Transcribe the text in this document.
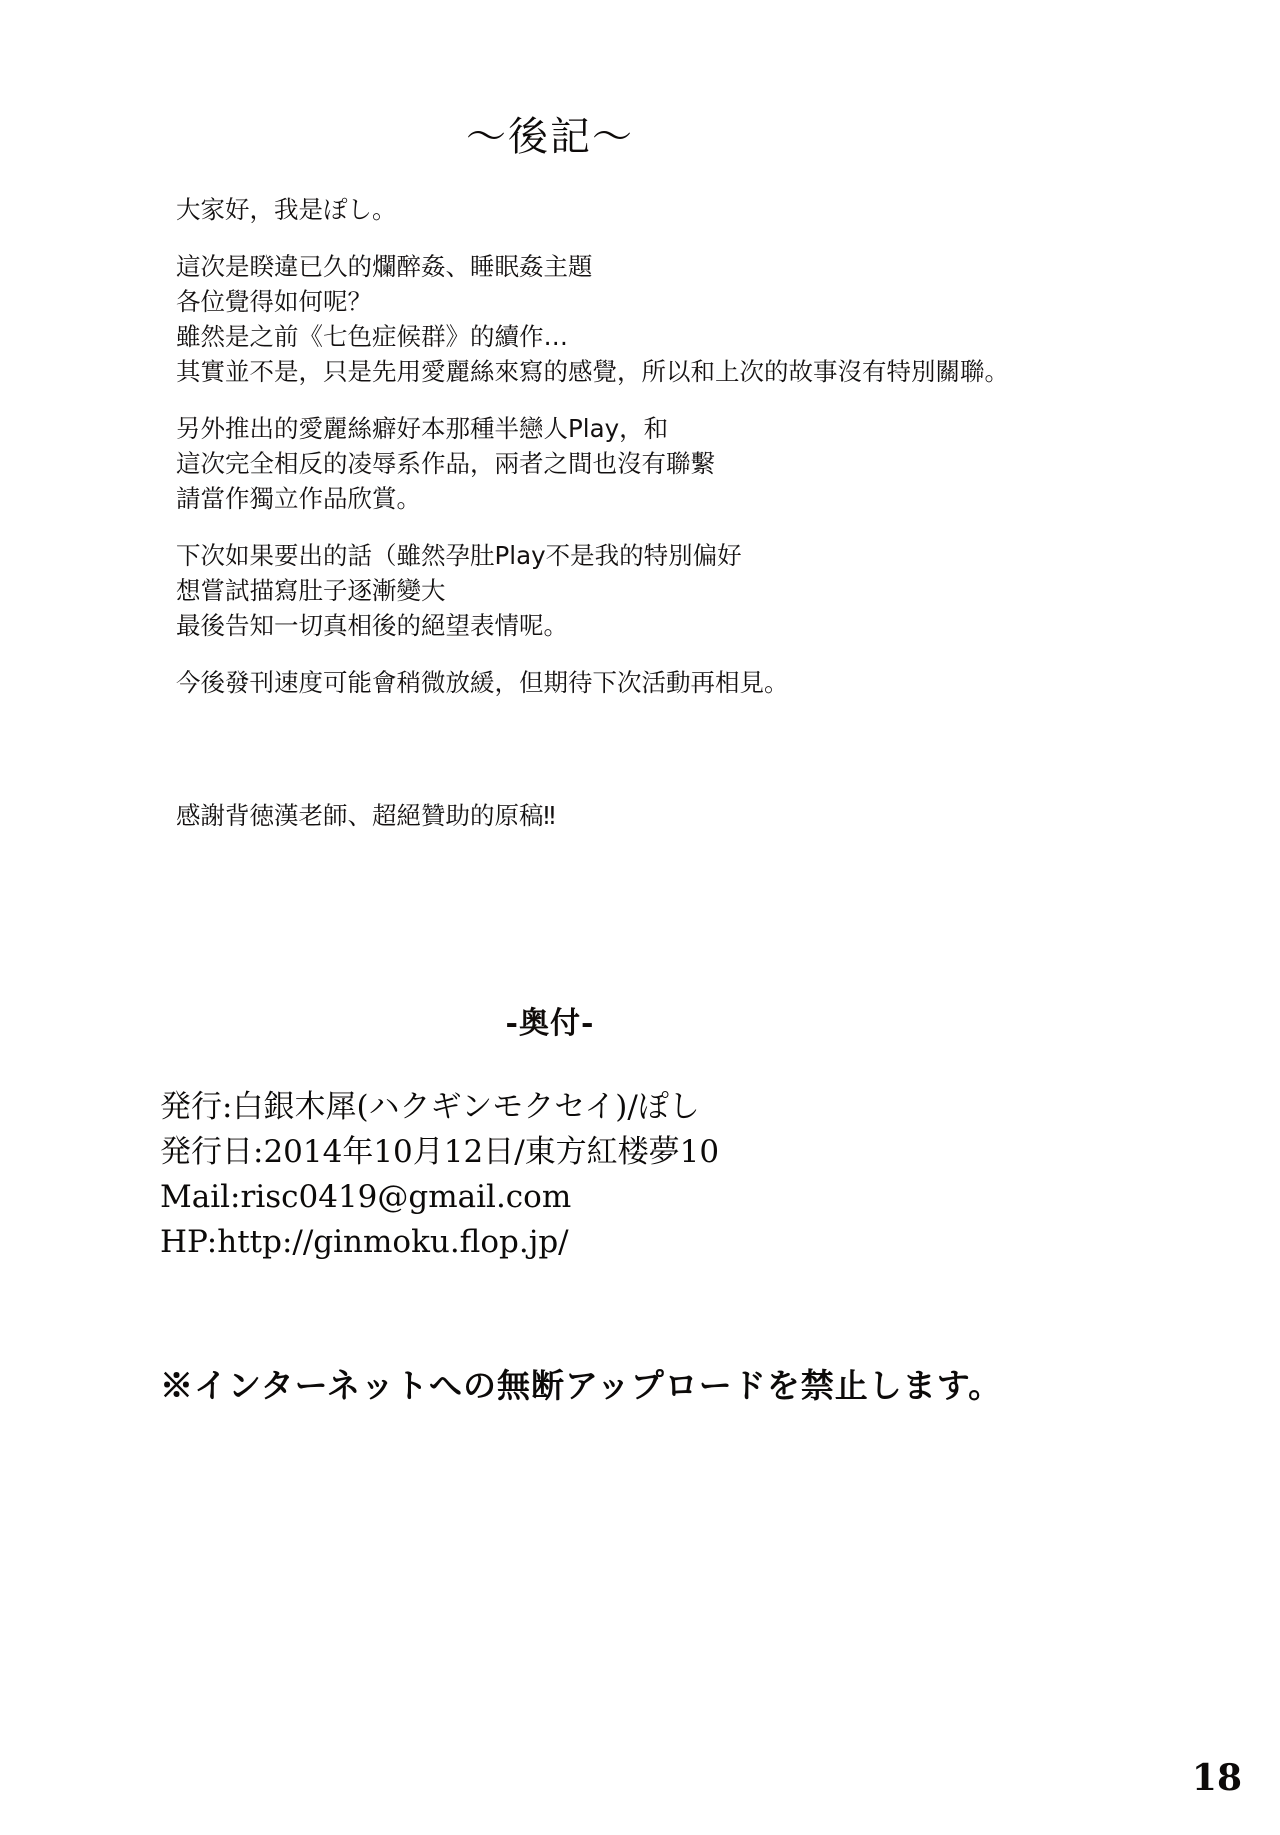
〜後記〜
大家好，我是ぽし。
這次是睽違已久的爛醉姦、睡眠姦主題
各位覺得如何呢？
雖然是之前《七色症候群》的續作…
其實並不是，只是先用愛麗絲來寫的感覺，所以和上次的故事沒有特別關聯。
另外推出的愛麗絲癖好本那種半戀人Play，和
這次完全相反的凌辱系作品，兩者之間也沒有聯繫
請當作獨立作品欣賞。
下次如果要出的話（雖然孕肚Play不是我的特別偏好
想嘗試描寫肚子逐漸變大
最後告知一切真相後的絕望表情呢。
今後發刊速度可能會稍微放緩，但期待下次活動再相見。
感謝背徳漢老師、超絕贊助的原稿‼
-奥付-
発行:白銀木犀(ハクギンモクセイ)/ぽし
発行日:2014年10月12日/東方紅楼夢10
Mail:risc0419@gmail.com
HP:http://ginmoku.flop.jp/
※インターネットへの無断アップロードを禁止します。
18
